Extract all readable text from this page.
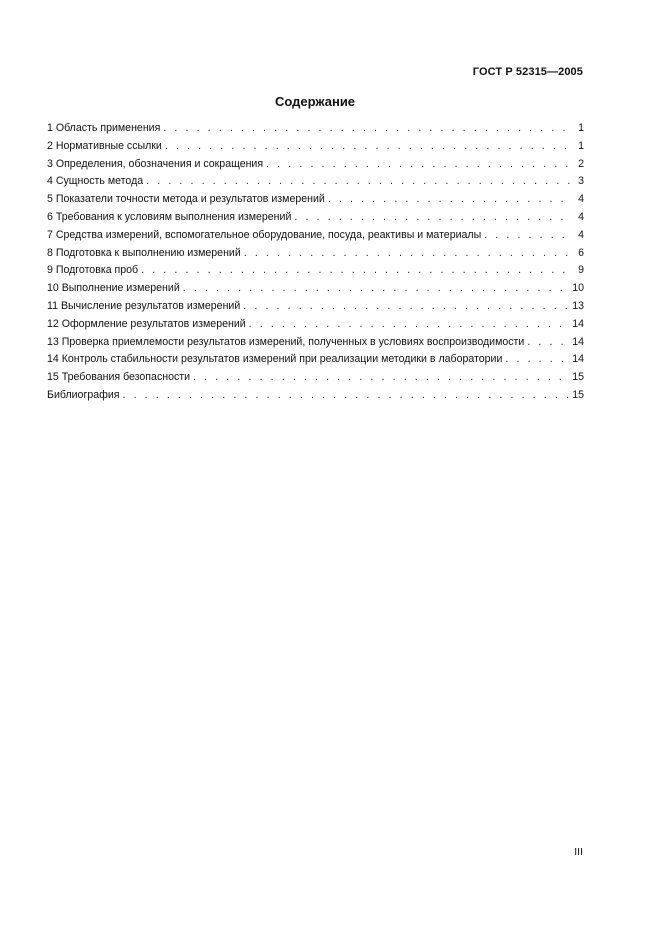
ГОСТ Р 52315—2005
Содержание
1 Область применения . . .	1
2 Нормативные ссылки . . .	1
3 Определения, обозначения и сокращения . . .	2
4 Сущность метода . . .	3
5 Показатели точности метода и результатов измерений . . .	4
6 Требования к условиям выполнения измерений . . .	4
7 Средства измерений, вспомогательное оборудование, посуда, реактивы и материалы . . .	4
8 Подготовка к выполнению измерений . . .	6
9 Подготовка проб . . .	9
10 Выполнение измерений . . .	10
11 Вычисление результатов измерений . . .	13
12 Оформление результатов измерений . . .	14
13 Проверка приемлемости результатов измерений, полученных в условиях воспроизводимости . . .	14
14 Контроль стабильности результатов измерений при реализации методики в лаборатории . . .	14
15 Требования безопасности . . .	15
Библиография . . .	15
III
